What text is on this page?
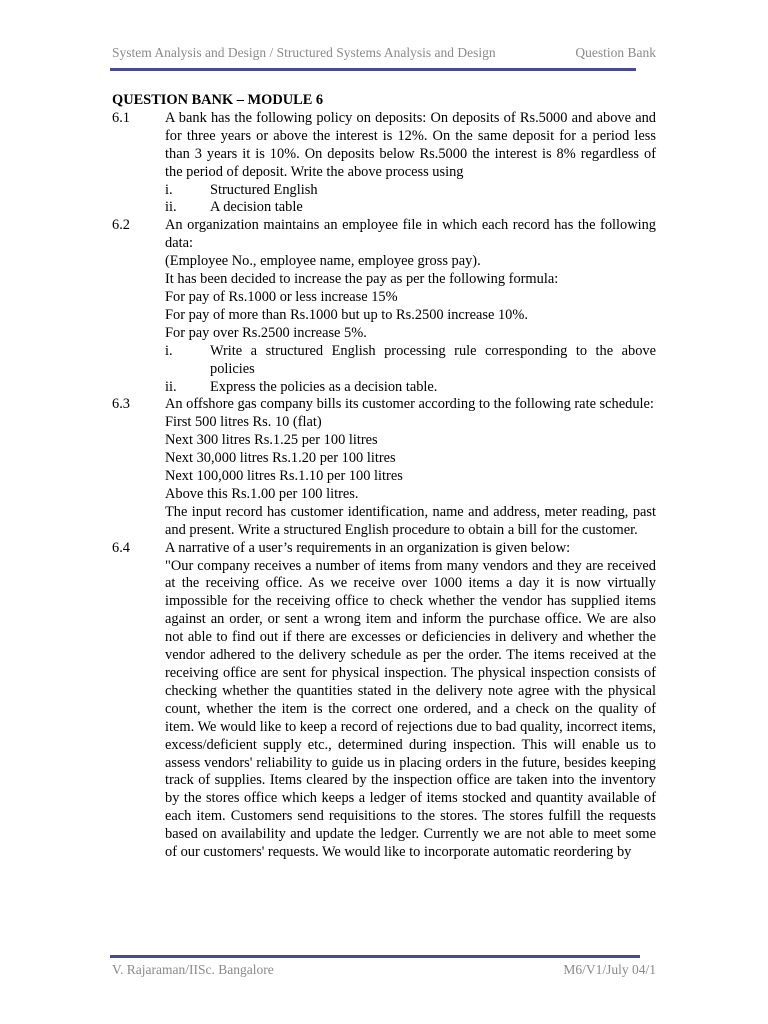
System Analysis and Design / Structured Systems Analysis and Design	Question Bank
QUESTION BANK – MODULE 6
6.1 A bank has the following policy on deposits: On deposits of Rs.5000 and above and for three years or above the interest is 12%. On the same deposit for a period less than 3 years it is 10%. On deposits below Rs.5000 the interest is 8% regardless of the period of deposit. Write the above process using
i.	Structured English
ii. A decision table
6.2 An organization maintains an employee file in which each record has the following data:
(Employee No., employee name, employee gross pay).
It has been decided to increase the pay as per the following formula:
For pay of Rs.1000 or less increase 15%
For pay of more than Rs.1000 but up to Rs.2500 increase 10%.
For pay over Rs.2500 increase 5%.
i.	Write a structured English processing rule corresponding to the above policies
ii. Express the policies as a decision table.
6.3 An offshore gas company bills its customer according to the following rate schedule:
First 500 litres Rs. 10 (flat)
Next 300 litres Rs.1.25 per 100 litres
Next 30,000 litres Rs.1.20 per 100 litres
Next 100,000 litres Rs.1.10 per 100 litres
Above this Rs.1.00 per 100 litres.
The input record has customer identification, name and address, meter reading, past and present. Write a structured English procedure to obtain a bill for the customer.
6.4 A narrative of a user’s requirements in an organization is given below:
"Our company receives a number of items from many vendors and they are received at the receiving office. As we receive over 1000 items a day it is now virtually impossible for the receiving office to check whether the vendor has supplied items against an order, or sent a wrong item and inform the purchase office. We are also not able to find out if there are excesses or deficiencies in delivery and whether the vendor adhered to the delivery schedule as per the order. The items received at the receiving office are sent for physical inspection. The physical inspection consists of checking whether the quantities stated in the delivery note agree with the physical count, whether the item is the correct one ordered, and a check on the quality of item. We would like to keep a record of rejections due to bad quality, incorrect items, excess/deficient supply etc., determined during inspection. This will enable us to assess vendors' reliability to guide us in placing orders in the future, besides keeping track of supplies. Items cleared by the inspection office are taken into the inventory by the stores office which keeps a ledger of items stocked and quantity available of each item. Customers send requisitions to the stores. The stores fulfill the requests based on availability and update the ledger. Currently we are not able to meet some of our customers' requests. We would like to incorporate automatic reordering by
V. Rajaraman/IISc. Bangalore	M6/V1/July 04/1
